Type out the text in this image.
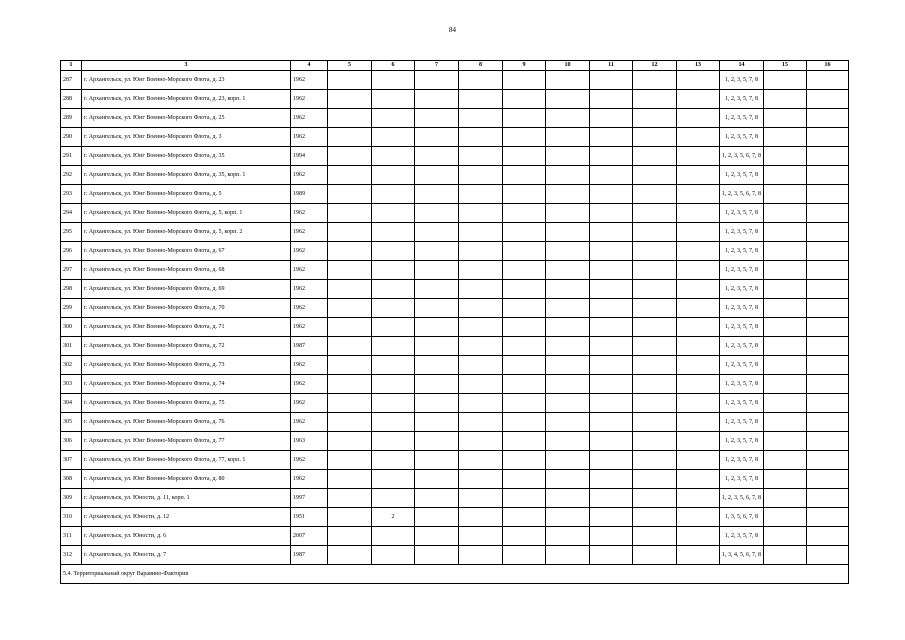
84
1	3	4	5	6	7	8	9	10	11	12	13	14	15	16
287	г. Архангельск, ул. Юнг Военно-Морского Флота, д. 23	1962										1, 2, 3, 5, 7, 8		
288	г. Архангельск, ул. Юнг Военно-Морского Флота, д. 23, корп. 1	1962										1, 2, 3, 5, 7, 8		
289	г. Архангельск, ул. Юнг Военно-Морского Флота, д. 25	1962										1, 2, 3, 5, 7, 8		
290	г. Архангельск, ул. Юнг Военно-Морского Флота, д. 3	1962										1, 2, 3, 5, 7, 8		
291	г. Архангельск, ул. Юнг Военно-Морского Флота, д. 35	1994										1, 2, 3, 5, 6, 7, 8		
292	г. Архангельск, ул. Юнг Военно-Морского Флота, д. 35, корп. 1	1962										1, 2, 3, 5, 7, 8		
293	г. Архангельск, ул. Юнг Военно-Морского Флота, д. 5	1989										1, 2, 3, 5, 6, 7, 8		
294	г. Архангельск, ул. Юнг Военно-Морского Флота, д. 5, корп. 1	1962										1, 2, 3, 5, 7, 8		
295	г. Архангельск, ул. Юнг Военно-Морского Флота, д. 5, корп. 2	1962										1, 2, 3, 5, 7, 8		
296	г. Архангельск, ул. Юнг Военно-Морского Флота, д. 67	1962										1, 2, 3, 5, 7, 8		
297	г. Архангельск, ул. Юнг Военно-Морского Флота, д. 68	1962										1, 2, 3, 5, 7, 8		
298	г. Архангельск, ул. Юнг Военно-Морского Флота, д. 69	1962										1, 2, 3, 5, 7, 8		
299	г. Архангельск, ул. Юнг Военно-Морского Флота, д. 70	1962										1, 2, 3, 5, 7, 8		
300	г. Архангельск, ул. Юнг Военно-Морского Флота, д. 71	1962										1, 2, 3, 5, 7, 8		
301	г. Архангельск, ул. Юнг Военно-Морского Флота, д. 72	1987										1, 2, 3, 5, 7, 8		
302	г. Архангельск, ул. Юнг Военно-Морского Флота, д. 73	1962										1, 2, 3, 5, 7, 8		
303	г. Архангельск, ул. Юнг Военно-Морского Флота, д. 74	1962										1, 2, 3, 5, 7, 8		
304	г. Архангельск, ул. Юнг Военно-Морского Флота, д. 75	1962										1, 2, 3, 5, 7, 8		
305	г. Архангельск, ул. Юнг Военно-Морского Флота, д. 76	1962										1, 2, 3, 5, 7, 8		
306	г. Архангельск, ул. Юнг Военно-Морского Флота, д. 77	1963										1, 2, 3, 5, 7, 8		
307	г. Архангельск, ул. Юнг Военно-Морского Флота, д. 77, корп. 1	1962										1, 2, 3, 5, 7, 8		
308	г. Архангельск, ул. Юнг Военно-Морского Флота, д. 80	1962										1, 2, 3, 5, 7, 8		
309	г. Архангельск, ул. Юности, д. 11, корп. 1	1997										1, 2, 3, 5, 6, 7, 8		
310	г. Архангельск, ул. Юности, д. 12	1951		2								1, 3, 5, 6, 7, 8		
311	г. Архангельск, ул. Юности, д. 6	2007										1, 2, 3, 5, 7, 8		
312	г. Архангельск, ул. Юности, д. 7	1987										1, 3, 4, 5, 6, 7, 8		
5.4. Территориальный округ Варавино-Фактория														
